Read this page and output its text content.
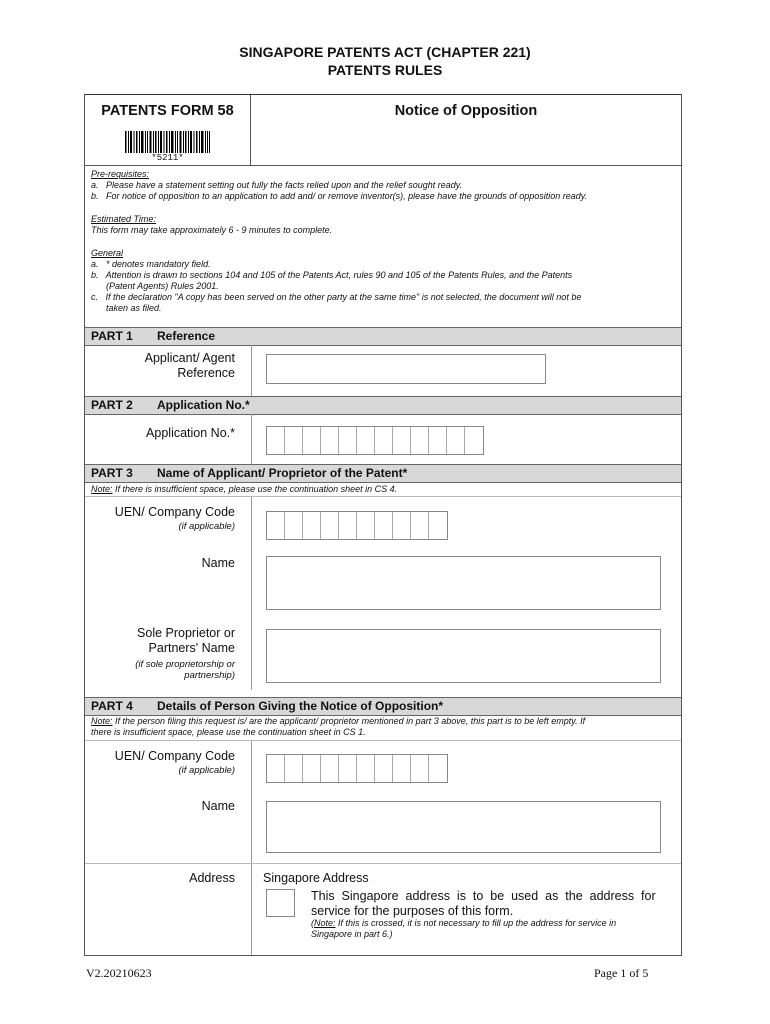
SINGAPORE PATENTS ACT (CHAPTER 221)
PATENTS RULES
PATENTS FORM 58
*5211*
Notice of Opposition
Pre-requisites:
a.   Please have a statement setting out fully the facts relied upon and the relief sought ready.
b.   For notice of opposition to an application to add and/ or remove inventor(s), please have the grounds of opposition ready.
Estimated Time:
This form may take approximately 6 - 9 minutes to complete.
General
a.   * denotes mandatory field.
b.   Attention is drawn to sections 104 and 105 of the Patents Act, rules 90 and 105 of the Patents Rules, and the Patents
(Patent Agents) Rules 2001.
c.   If the declaration "A copy has been served on the other party at the same time" is not selected, the document will not be
taken as filed.
PART 1 Reference
Applicant/ Agent
Reference
PART 2 Application No.*
Application No.*
PART 3 Name of Applicant/ Proprietor of the Patent*
Note: If there is insufficient space, please use the continuation sheet in CS 4.
UEN/ Company Code
(if applicable)
Name
Sole Proprietor or
Partners' Name
(if sole proprietorship or
partnership)
PART 4 Details of Person Giving the Notice of Opposition*
Note: If the person filing this request is/ are the applicant/ proprietor mentioned in part 3 above, this part is to be left empty. If
there is insufficient space, please use the continuation sheet in CS 1.
UEN/ Company Code
(if applicable)
Name
Address Singapore Address
This  Singapore  address  is  to  be  used  as  the  address  for
service for the purposes of this form.
(Note: If this is crossed, it is not necessary to fill up the address for service in
Singapore in part 6.)
V2.20210623	Page 1 of 5
